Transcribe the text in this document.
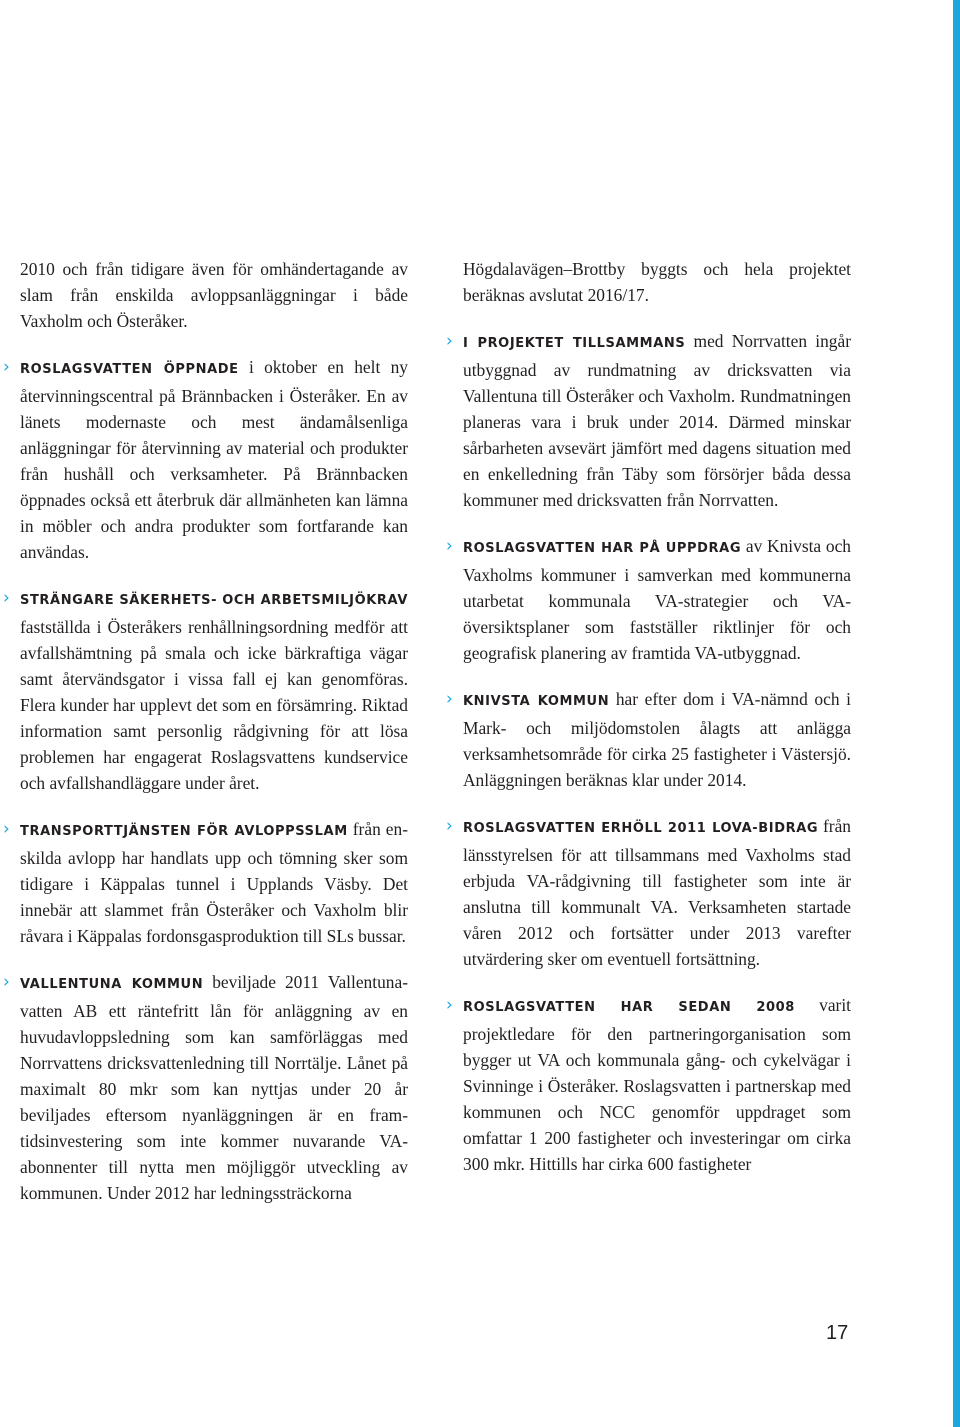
2010 och från tidigare även för omhändertagande av slam från enskilda avloppsanläggningar i både Vaxholm och Österåker.

› ROSLAGSVATTEN ÖPPNADE i oktober en helt ny återvinningscentral på Brännbacken i Österåker. En av länets modernaste och mest ändamålsenliga anläggningar för återvinning av material och produkter från hushåll och verksamheter. På Brännbacken öppnades också ett återbruk där allmänheten kan lämna in möbler och andra produkter som fortfarande kan användas.

› STRÄNGARE SÄKERHETS- OCH ARBETSMILJÖKRAV fastställda i Österåkers renhållningsordning medför att avfallshämtning på smala och icke bärkraftiga vägar samt återvändsgator i vissa fall ej kan genomföras. Flera kunder har upplevt det som en försämring. Riktad information samt personlig rådgivning för att lösa problemen har engagerat Roslagsvattens kundservice och avfallshandläggare under året.

› TRANSPORTTJÄNSTEN FÖR AVLOPPSSLAM från enskilda avlopp har handlats upp och tömning sker som tidigare i Käppalas tunnel i Upplands Väsby. Det innebär att slammet från Österåker och Vaxholm blir råvara i Käppalas fordonsgasproduktion till SLs bussar.

› VALLENTUNA KOMMUN beviljade 2011 Vallentunavatten AB ett räntefritt lån för anläggning av en huvudavloppsledning som kan samförläggas med Norrvattens dricksvattenledning till Norrtälje. Lånet på maximalt 80 mkr som kan nyttjas under 20 år beviljades eftersom nyanläggningen är en framtidsinvestering som inte kommer nuvarande VA-abonnenter till nytta men möjliggör utveckling av kommunen. Under 2012 har ledningssträckorna

Högdalavägen–Brottby byggts och hela projektet beräknas avslutat 2016/17.

› I PROJEKTET TILLSAMMANS med Norrvatten ingår utbyggnad av rundmatning av dricksvatten via Vallentuna till Österåker och Vaxholm. Rundmatningen planeras vara i bruk under 2014. Därmed minskar sårbarheten avsevärt jämfört med dagens situation med en enkelledning från Täby som försörjer båda dessa kommuner med dricksvatten från Norrvatten.

› ROSLAGSVATTEN HAR PÅ UPPDRAG av Knivsta och Vaxholms kommuner i samverkan med kommunerna utarbetat kommunala VA-strategier och VA-översiktsplaner som fastställer riktlinjer för och geografisk planering av framtida VA-utbyggnad.

› KNIVSTA KOMMUN har efter dom i VA-nämnd och i Mark- och miljödomstolen ålagts att anlägga verksamhetsområde för cirka 25 fastigheter i Västersjö. Anläggningen beräknas klar under 2014.

› ROSLAGSVATTEN ERHÖLL 2011 LOVA-BIDRAG från länsstyrelsen för att tillsammans med Vaxholms stad erbjuda VA-rådgivning till fastigheter som inte är anslutna till kommunalt VA. Verksamheten startade våren 2012 och fortsätter under 2013 varefter utvärdering sker om eventuell fortsättning.

› ROSLAGSVATTEN HAR SEDAN 2008 varit projektledare för den partneringorganisation som bygger ut VA och kommunala gång- och cykelvägar i Svinninge i Österåker. Roslagsvatten i partnerskap med kommunen och NCC genomför uppdraget som omfattar 1 200 fastigheter och investeringar om cirka 300 mkr. Hittills har cirka 600 fastigheter

17
